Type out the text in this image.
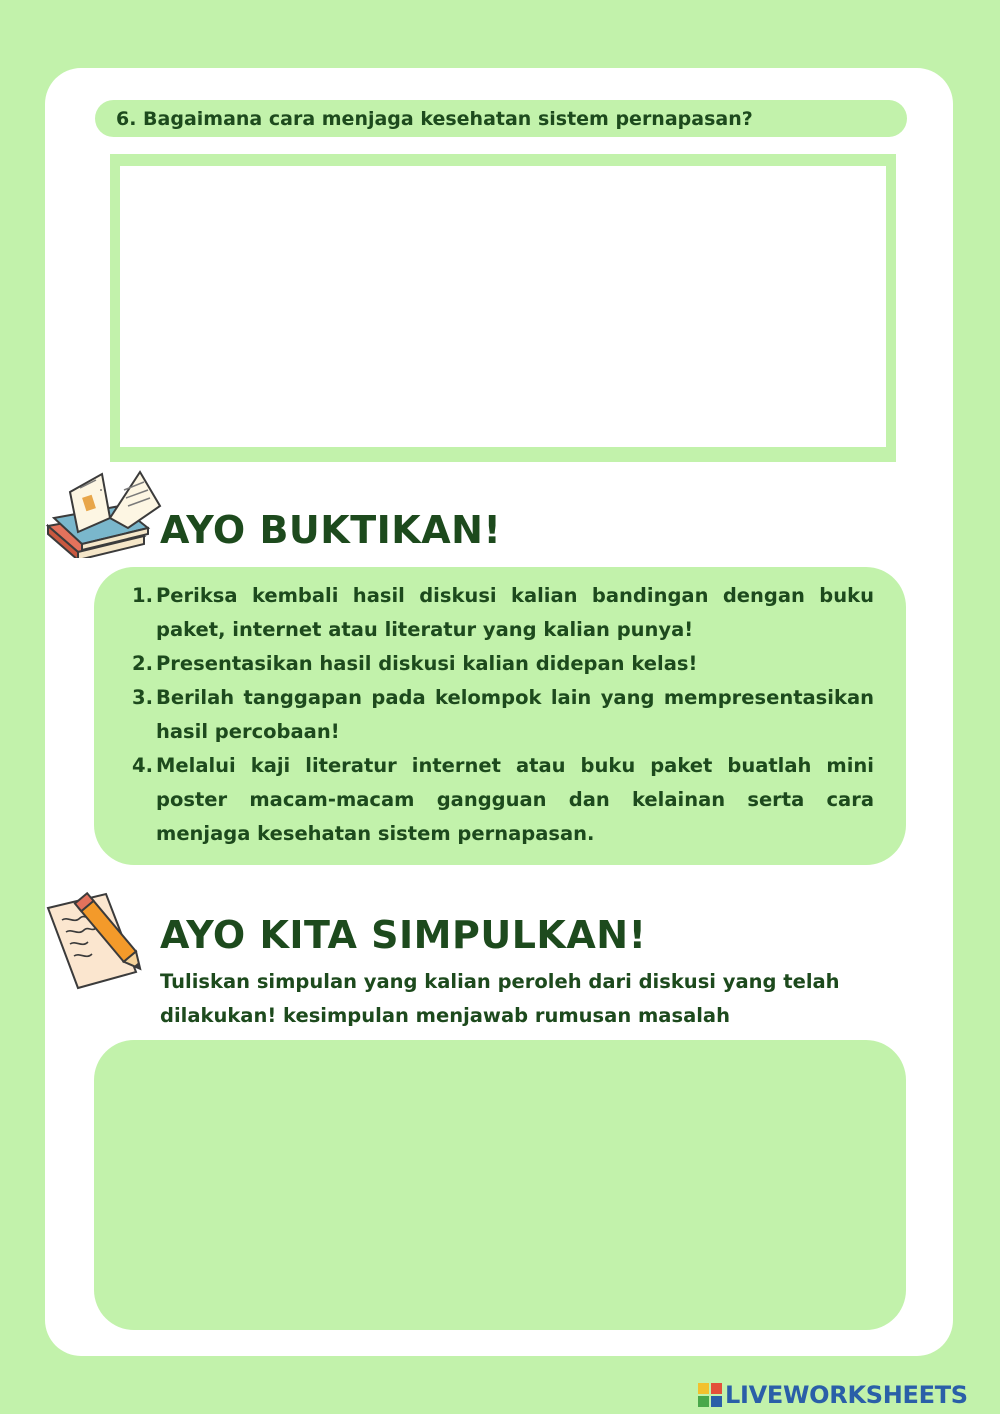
6. Bagaimana cara menjaga kesehatan sistem pernapasan?
AYO BUKTIKAN!
1. Periksa kembali hasil diskusi kalian bandingan dengan buku paket, internet atau literatur yang kalian punya!
2. Presentasikan hasil diskusi kalian didepan kelas!
3. Berilah tanggapan pada kelompok lain yang mempresentasikan hasil percobaan!
4. Melalui kaji literatur internet atau buku paket buatlah mini poster macam-macam gangguan dan kelainan serta cara menjaga kesehatan sistem pernapasan.
AYO KITA SIMPULKAN!
Tuliskan simpulan yang kalian peroleh dari diskusi yang telah dilakukan! kesimpulan menjawab rumusan masalah
LIVEWORKSHEETS
